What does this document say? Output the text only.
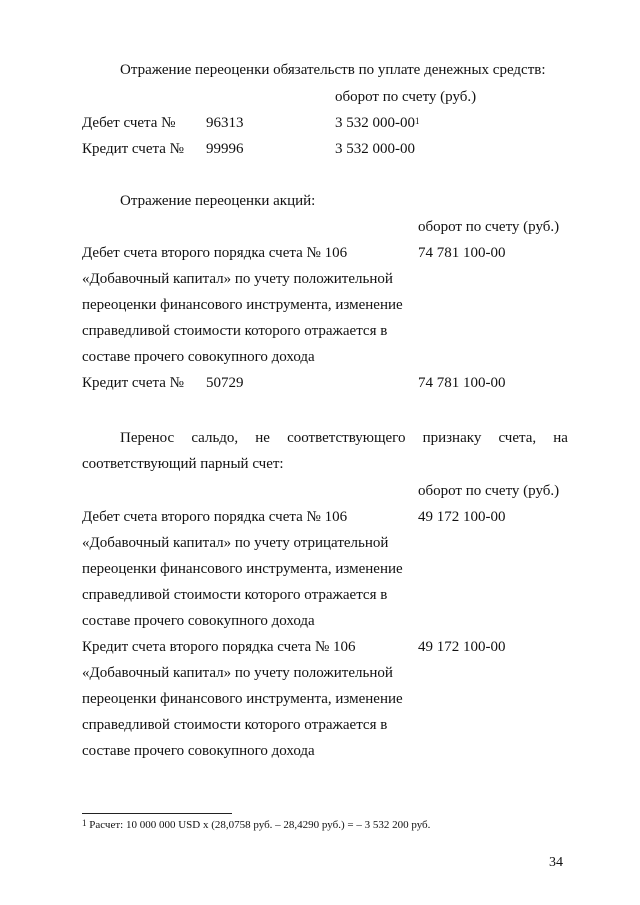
Отражение переоценки обязательств по уплате денежных средств:
оборот по счету (руб.)
Дебет счета № 96313	3 532 $000-00^1$
Кредит счета № 99996	3 532 000-00
Отражение переоценки акций:
оборот по счету (руб.)
Дебет счета второго порядка счета № 106	74 781 100-00
«Добавочный капитал» по учету положительной
переоценки финансового инструмента, изменение
справедливой стоимости которого отражается в
составе прочего совокупного дохода
Кредит счета № 50729	74 781 100-00
Перенос сальдо, не соответствующего признаку счета, на
соответствующий парный счет:
оборот по счету (руб.)
Дебет счета второго порядка счета № 106	49 172 100-00
«Добавочный капитал» по учету отрицательной
переоценки финансового инструмента, изменение
справедливой стоимости которого отражается в
составе прочего совокупного дохода
Кредит счета второго порядка счета № 106	49 172 100-00
«Добавочный капитал» по учету положительной
переоценки финансового инструмента, изменение
справедливой стоимости которого отражается в
составе прочего совокупного дохода
$^1$ Расчет: 10 000 000 USD х (28,0758 руб. – 28,4290 руб.) = – 3 532 200 руб.
34
